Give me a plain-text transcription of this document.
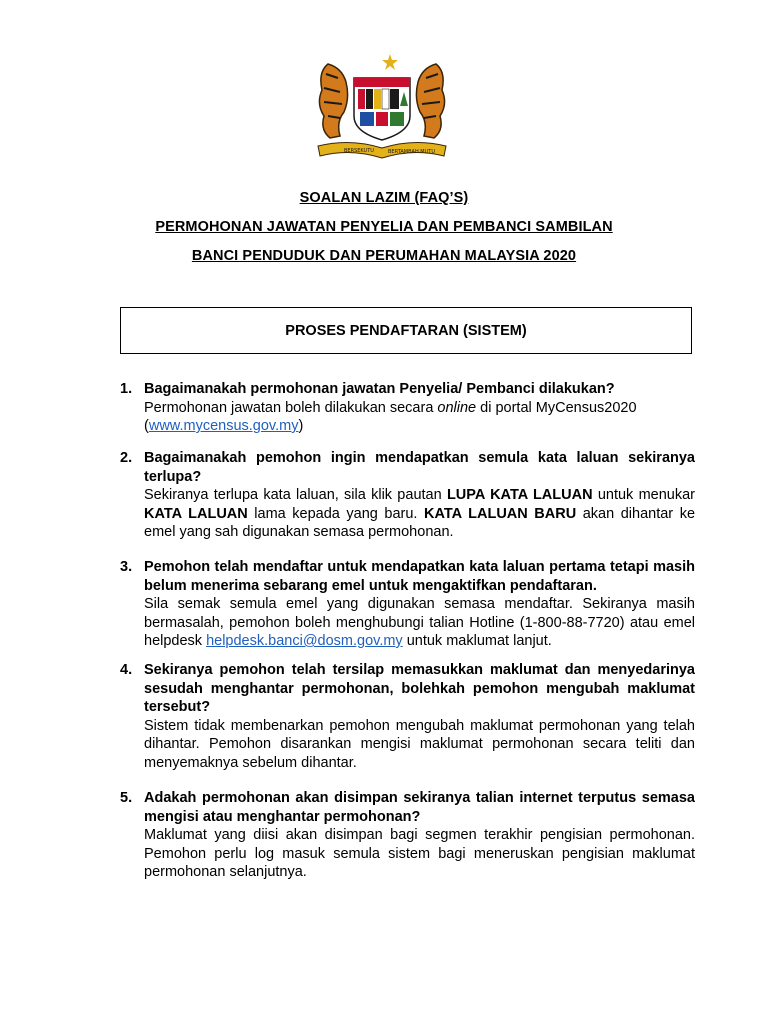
BERSEKUTU	BERTAMBAH MUTU
SOALAN LAZIM (FAQ’S)
PERMOHONAN JAWATAN PENYELIA DAN PEMBANCI SAMBILAN
BANCI PENDUDUK DAN PERUMAHAN MALAYSIA 2020
PROSES PENDAFTARAN (SISTEM)
1. Bagaimanakah permohonan jawatan Penyelia/ Pembanci dilakukan?
Permohonan jawatan boleh dilakukan secara online di portal MyCensus2020
(www.mycensus.gov.my)
2. Bagaimanakah pemohon ingin mendapatkan semula kata laluan sekiranya terlupa?
Sekiranya terlupa kata laluan, sila klik pautan LUPA KATA LALUAN untuk menukar KATA LALUAN lama kepada yang baru. KATA LALUAN BARU akan dihantar ke emel yang sah digunakan semasa permohonan.
3. Pemohon telah mendaftar untuk mendapatkan kata laluan pertama tetapi masih belum menerima sebarang emel untuk mengaktifkan pendaftaran.
Sila semak semula emel yang digunakan semasa mendaftar. Sekiranya masih bermasalah, pemohon boleh menghubungi talian Hotline (1-800-88-7720) atau emel helpdesk helpdesk.banci@dosm.gov.my untuk maklumat lanjut.
4. Sekiranya pemohon telah tersilap memasukkan maklumat dan menyedarinya sesudah menghantar permohonan, bolehkah pemohon mengubah maklumat tersebut?
Sistem tidak membenarkan pemohon mengubah maklumat permohonan yang telah dihantar. Pemohon disarankan mengisi maklumat permohonan secara teliti dan menyemaknya sebelum dihantar.
5. Adakah permohonan akan disimpan sekiranya talian internet terputus semasa mengisi atau menghantar permohonan?
Maklumat yang diisi akan disimpan bagi segmen terakhir pengisian permohonan. Pemohon perlu log masuk semula sistem bagi meneruskan pengisian maklumat permohonan selanjutnya.
